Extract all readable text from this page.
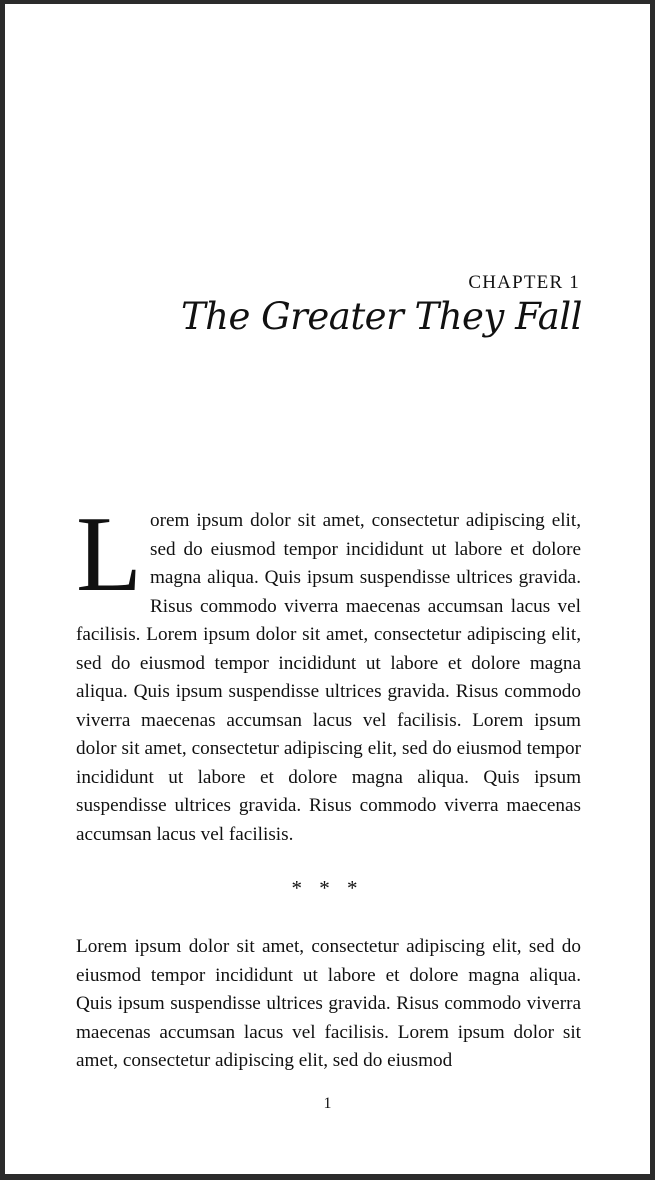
CHAPTER 1
The Greater They Fall

Lorem ipsum dolor sit amet, consectetur adipiscing elit, sed do eiusmod tempor incididunt ut labore et dolore magna aliqua. Quis ipsum suspendisse ultrices gravida. Risus commodo viverra maecenas accumsan lacus vel facilisis. Lorem ipsum dolor sit amet, consectetur adipiscing elit, sed do eiusmod tempor incididunt ut labore et dolore magna aliqua. Quis ipsum suspendisse ultrices gravida. Risus commodo viverra maecenas accumsan lacus vel facilisis. Lorem ipsum dolor sit amet, consectetur adipiscing elit, sed do eiusmod tempor incididunt ut labore et dolore magna aliqua. Quis ipsum suspendisse ultrices gravida. Risus commodo viverra maecenas accumsan lacus vel facilisis.

* * *

Lorem ipsum dolor sit amet, consectetur adipiscing elit, sed do eiusmod tempor incididunt ut labore et dolore magna aliqua. Quis ipsum suspendisse ultrices gravida. Risus commodo viverra maecenas accumsan lacus vel facilisis. Lorem ipsum dolor sit amet, consectetur adipiscing elit, sed do eiusmod

1
